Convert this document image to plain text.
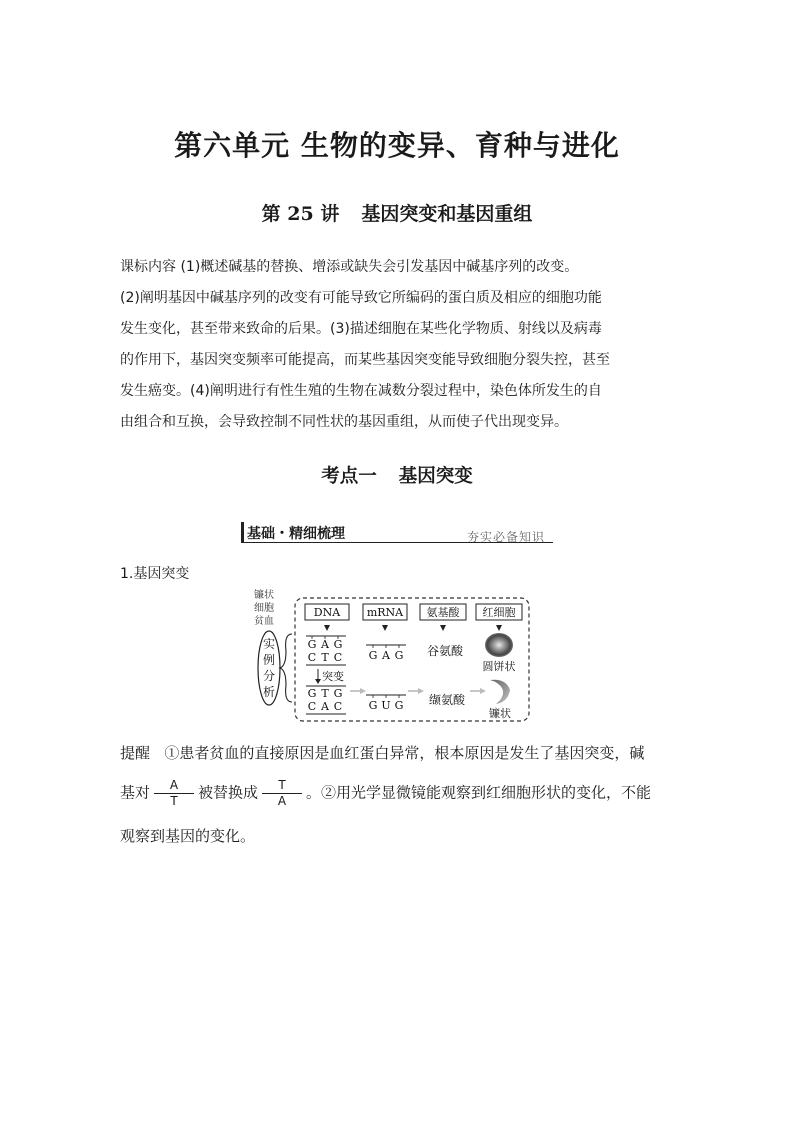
第六单元 生物的变异、育种与进化
第 25 讲 基因突变和基因重组
课标内容 (1)概述碱基的替换、增添或缺失会引发基因中碱基序列的改变。
(2)阐明基因中碱基序列的改变有可能导致它所编码的蛋白质及相应的细胞功能
发生变化，甚至带来致命的后果。(3)描述细胞在某些化学物质、射线以及病毒
的作用下，基因突变频率可能提高，而某些基因突变能导致细胞分裂失控，甚至
发生癌变。(4)阐明进行有性生殖的生物在减数分裂过程中，染色体所发生的自
由组合和互换，会导致控制不同性状的基因重组，从而使子代出现变异。
考点一 基因突变
基础・精细梳理	夯实必备知识
1.基因突变
镰 状
细 胞
贫 血
实
例
分
析
DNA mRNA 氨基酸 红细胞
G A G
C T C
突变
G T G
C A C
G A G
G U G
谷氨酸
缬氨酸
圆饼状
镰状
提醒 ①患者贫血的直接原因是血红蛋白异常，根本原因是发生了基因突变，碱
基对 $\frac{A}{T}$ 被替换成 $\frac{T}{A}$ 。②用光学显微镜能观察到红细胞形状的变化，不能
观察到基因的变化。
